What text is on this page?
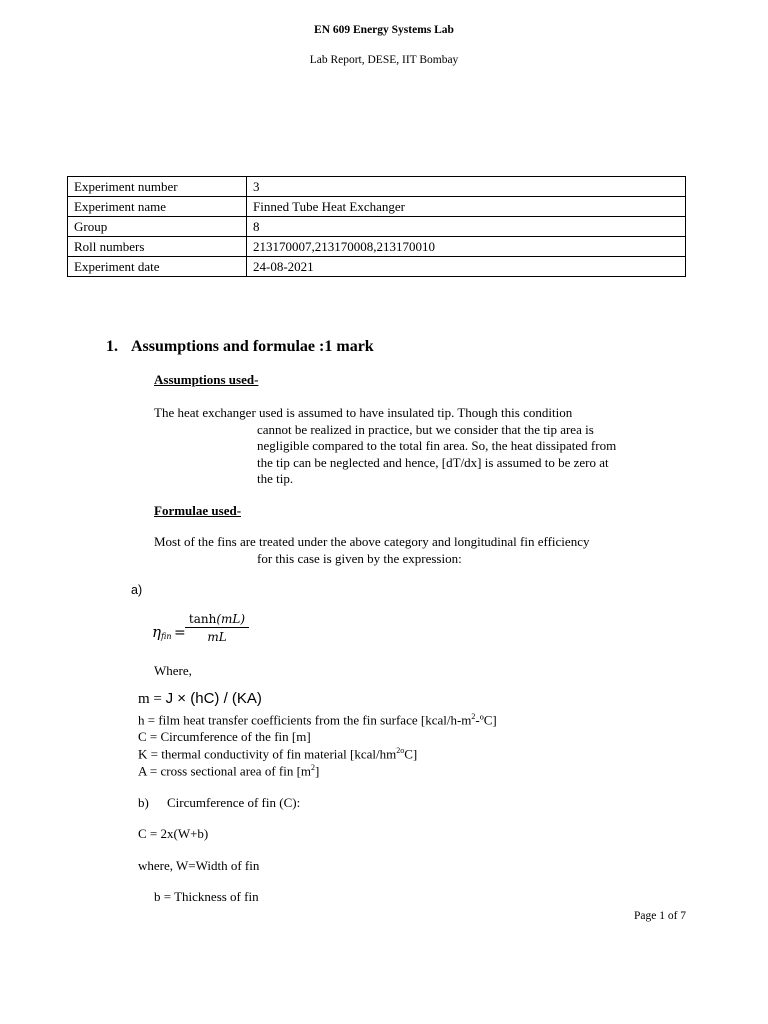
EN 609 Energy Systems Lab
Lab Report, DESE, IIT Bombay
Experiment number	3
Experiment name	Finned Tube Heat Exchanger
Group	8
Roll numbers	213170007,213170008,213170010
Experiment date	24-08-2021
1. Assumptions and formulae :1 mark
Assumptions used-
The heat exchanger used is assumed to have insulated tip. Though this condition
cannot be realized in practice, but we consider that the tip area is
negligible compared to the total fin area. So, the heat dissipated from
the tip can be neglected and hence, [dT/dx] is assumed to be zero at
the tip.
Formulae used-
Most of the fins are treated under the above category and longitudinal fin efficiency
for this case is given by the expression:
a)
η fin = $\frac{\tanh(mL)}{mL}$
Where,
m = J × (hC) / (KA)
h = film heat transfer coefficients from the fin surface $[kcal/h-m^2-ºC]$
C = Circumference of the fin [m]
K = thermal conductivity of fin material $[kcal/hm^{2o}C]$
A = cross sectional area of fin $[m^2]$
b) Circumference of fin (C):
C = 2x(W+b)
where, W=Width of fin
b = Thickness of fin
Page 1 of 7
